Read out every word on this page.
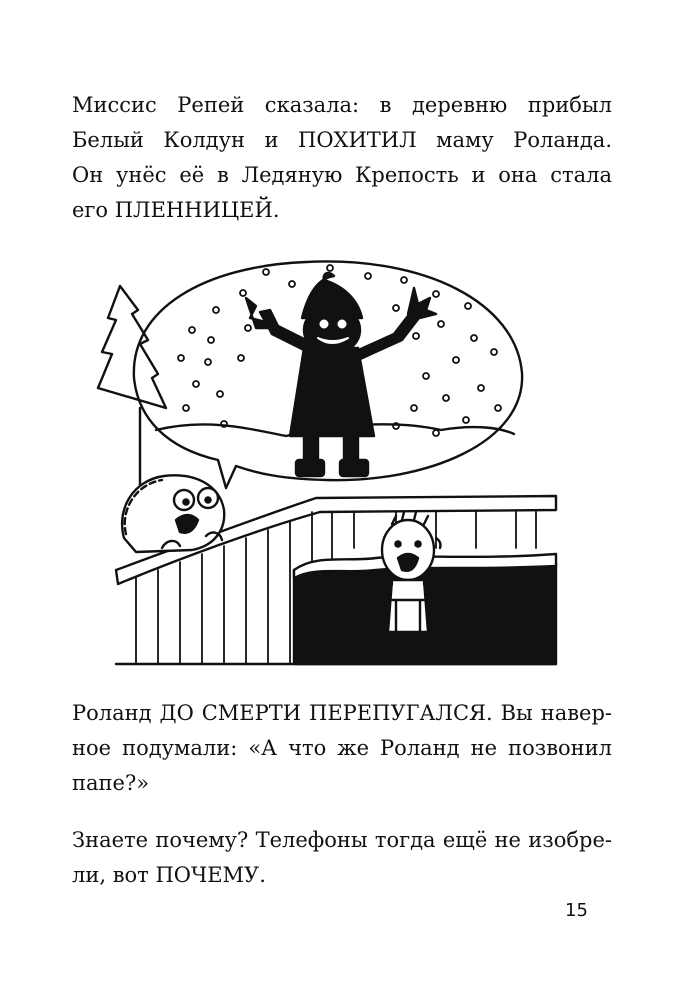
Миссис Репей сказала: в деревню прибыл
Белый Колдун и ПОХИТИЛ маму Роланда.
Он унёс её в Ледяную Крепость и она стала
его ПЛЕННИЦЕЙ.
Роланд ДО СМЕРТИ ПЕРЕПУГАЛСЯ. Вы навер-
ное подумали: «А что же Роланд не позвонил
папе?»
Знаете почему? Телефоны тогда ещё не изобре-
ли, вот ПОЧЕМУ.
15
